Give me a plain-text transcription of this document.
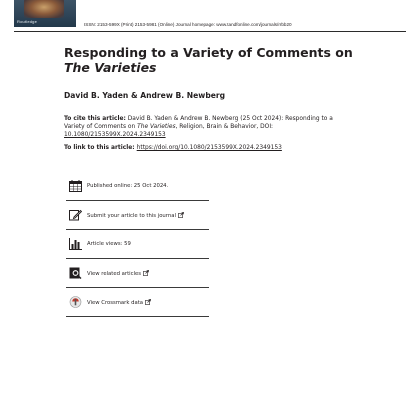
Routledge
ISSN: 2153-599X (Print) 2153-5981 (Online) Journal homepage: www.tandfonline.com/journals/rrbb20
Responding to a Variety of Comments on The Varieties
David B. Yaden & Andrew B. Newberg
To cite this article: David B. Yaden & Andrew B. Newberg (25 Oct 2024): Responding to a Variety of Comments on The Varieties, Religion, Brain & Behavior, DOI: 10.1080/2153599X.2024.2349153
To link to this article: https://doi.org/10.1080/2153599X.2024.2349153
Published online: 25 Oct 2024.
Submit your article to this journal
Article views: 59
View related articles
View Crossmark data
